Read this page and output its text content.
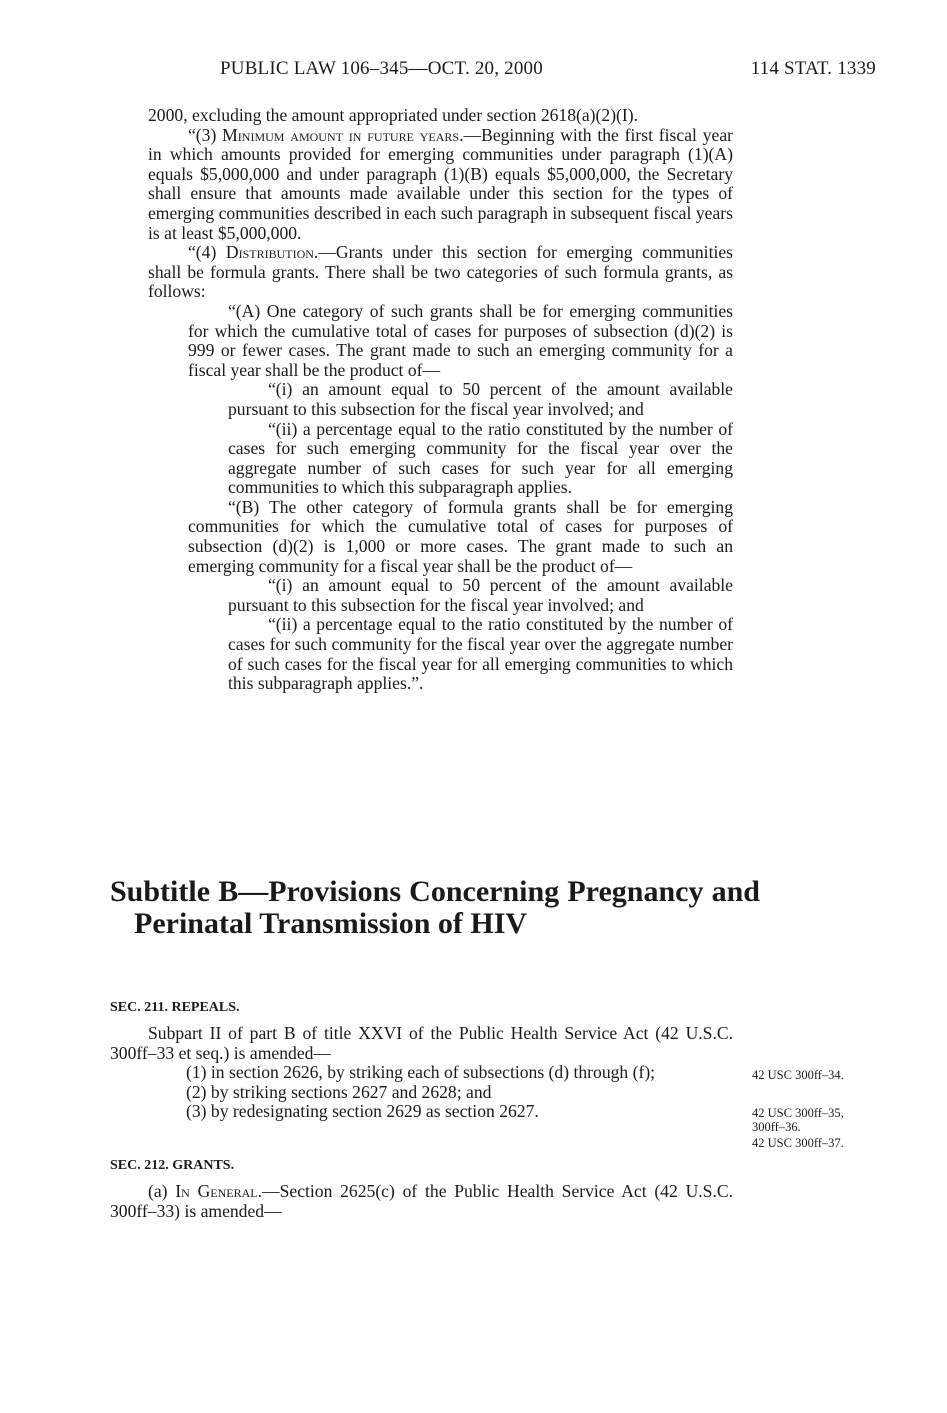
PUBLIC LAW 106–345—OCT. 20, 2000	114 STAT. 1339

2000, excluding the amount appropriated under section 2618(a)(2)(I).

“(3) Minimum amount in future years.—Beginning with the first fiscal year in which amounts provided for emerging communities under paragraph (1)(A) equals $5,000,000 and under paragraph (1)(B) equals $5,000,000, the Secretary shall ensure that amounts made available under this section for the types of emerging communities described in each such paragraph in subsequent fiscal years is at least $5,000,000.

“(4) Distribution.—Grants under this section for emerging communities shall be formula grants. There shall be two categories of such formula grants, as follows:

“(A) One category of such grants shall be for emerging communities for which the cumulative total of cases for purposes of subsection (d)(2) is 999 or fewer cases. The grant made to such an emerging community for a fiscal year shall be the product of—

“(i) an amount equal to 50 percent of the amount available pursuant to this subsection for the fiscal year involved; and

“(ii) a percentage equal to the ratio constituted by the number of cases for such emerging community for the fiscal year over the aggregate number of such cases for such year for all emerging communities to which this subparagraph applies.

“(B) The other category of formula grants shall be for emerging communities for which the cumulative total of cases for purposes of subsection (d)(2) is 1,000 or more cases. The grant made to such an emerging community for a fiscal year shall be the product of—

“(i) an amount equal to 50 percent of the amount available pursuant to this subsection for the fiscal year involved; and

“(ii) a percentage equal to the ratio constituted by the number of cases for such community for the fiscal year over the aggregate number of such cases for the fiscal year for all emerging communities to which this subparagraph applies.”.

Subtitle B—Provisions Concerning Pregnancy and Perinatal Transmission of HIV
SEC. 211. REPEALS.

Subpart II of part B of title XXVI of the Public Health Service Act (42 U.S.C. 300ff–33 et seq.) is amended—

(1) in section 2626, by striking each of subsections (d) through (f);

(2) by striking sections 2627 and 2628; and

(3) by redesignating section 2629 as section 2627.

SEC. 212. GRANTS.

(a) In General.—Section 2625(c) of the Public Health Service Act (42 U.S.C. 300ff–33) is amended—

42 USC 300ff–34.
42 USC 300ff–35,
300ff–36.
42 USC 300ff–37.
